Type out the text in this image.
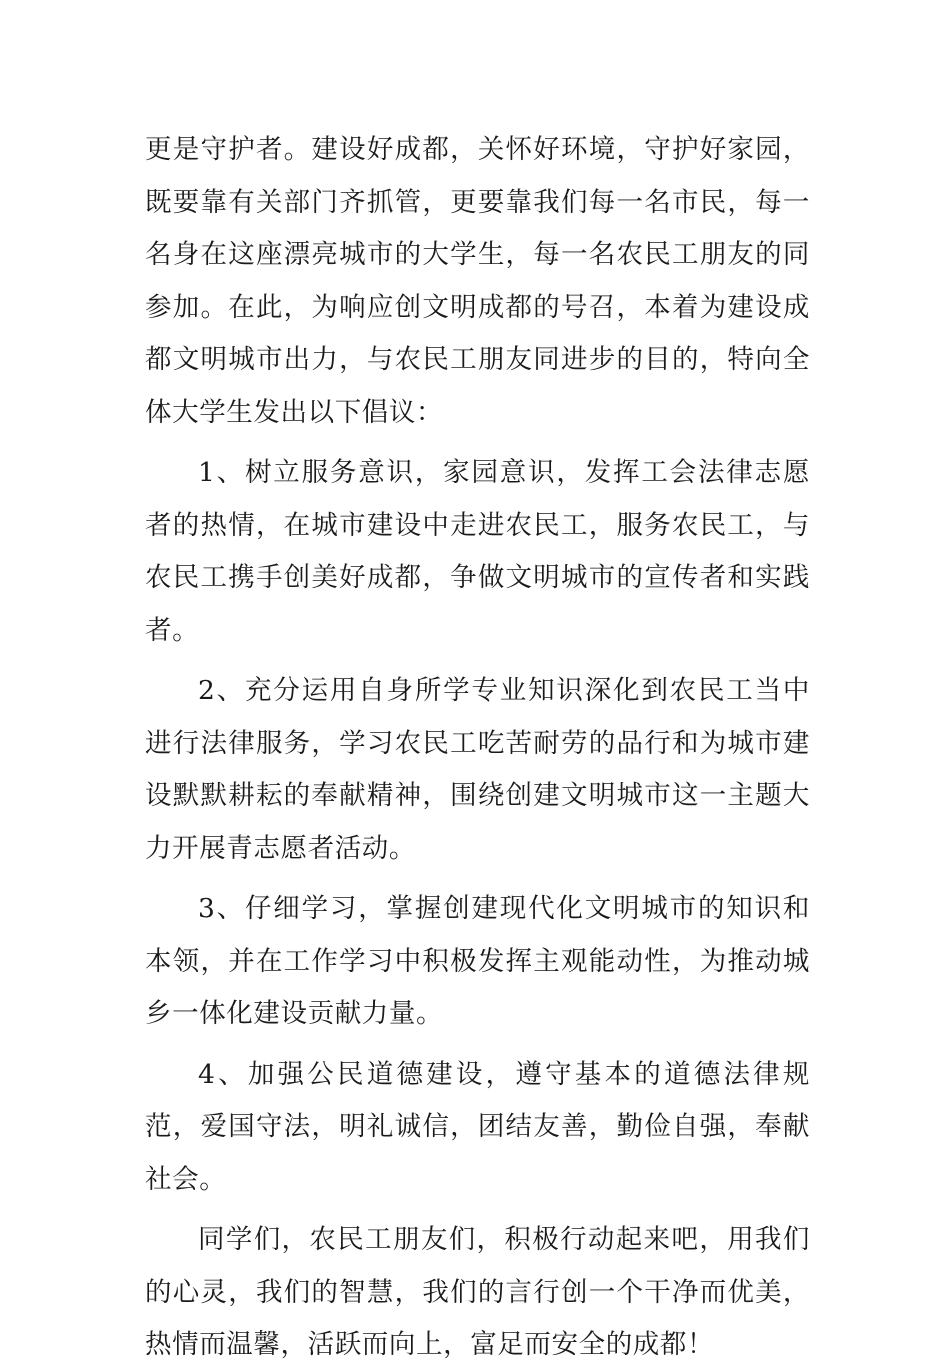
更是守护者。建设好成都，关怀好环境，守护好家园，既要靠有关部门齐抓管，更要靠我们每一名市民，每一名身在这座漂亮城市的大学生，每一名农民工朋友的同参加。在此，为响应创文明成都的号召，本着为建设成都文明城市出力，与农民工朋友同进步的目的，特向全体大学生发出以下倡议：

1、树立服务意识，家园意识，发挥工会法律志愿者的热情，在城市建设中走进农民工，服务农民工，与农民工携手创美好成都，争做文明城市的宣传者和实践者。

2、充分运用自身所学专业知识深化到农民工当中进行法律服务，学习农民工吃苦耐劳的品行和为城市建设默默耕耘的奉献精神，围绕创建文明城市这一主题大力开展青志愿者活动。

3、仔细学习，掌握创建现代化文明城市的知识和本领，并在工作学习中积极发挥主观能动性，为推动城乡一体化建设贡献力量。

4、加强公民道德建设，遵守基本的道德法律规范，爱国守法，明礼诚信，团结友善，勤俭自强，奉献社会。

同学们，农民工朋友们，积极行动起来吧，用我们的心灵，我们的智慧，我们的言行创一个干净而优美，热情而温馨，活跃而向上，富足而安全的成都！
